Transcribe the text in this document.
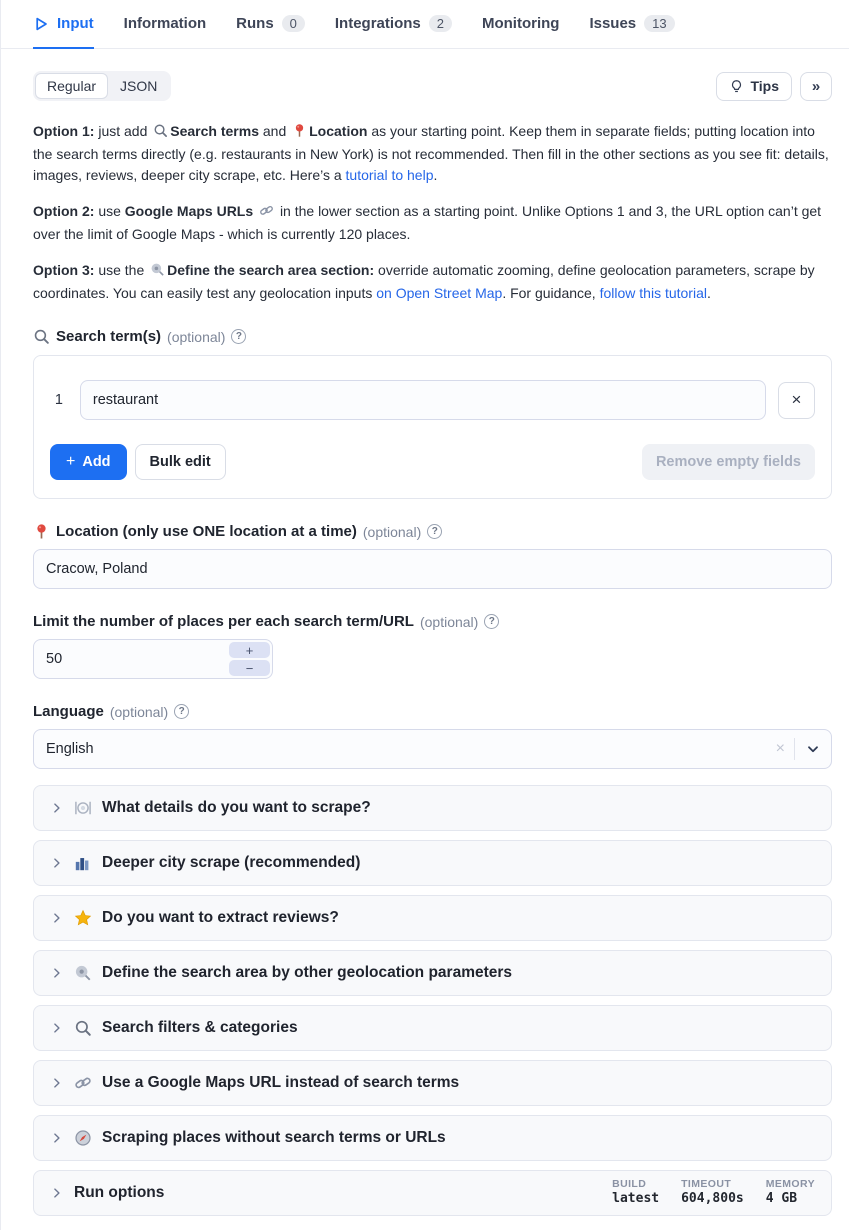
Input Information Runs	0	Integrations	2	Monitoring Issues	13
Regular	JSON	Tips »

Option 1: just add Search terms and Location as your starting point. Keep them in separate fields; putting location into the search terms directly (e.g. restaurants in New York) is not recommended. Then fill in the other sections as you see fit: details, images, reviews, deeper city scrape, etc. Here’s a tutorial to help.

Option 2: use Google Maps URLs in the lower section as a starting point. Unlike Options 1 and 3, the URL option can’t get over the limit of Google Maps - which is currently 120 places.

Option 3: use the Define the search area section: override automatic zooming, define geolocation parameters, scrape by coordinates. You can easily test any geolocation inputs on Open Street Map. For guidance, follow this tutorial.

Search term(s) (optional)	?
1
restaurant	×
+ Add	Bulk edit	Remove empty fields
Location (only use ONE location at a time) (optional)	?
Cracow, Poland
Limit the number of places per each search term/URL (optional)	?
50
+
−
Language (optional)	?
English	×
What details do you want to scrape?
Deeper city scrape (recommended)
Do you want to extract reviews?
Define the search area by other geolocation parameters
Search filters & categories
Use a Google Maps URL instead of search terms
Scraping places without search terms or URLs
Run options
BUILD
latest
TIMEOUT
604,800s
MEMORY
4 GB
